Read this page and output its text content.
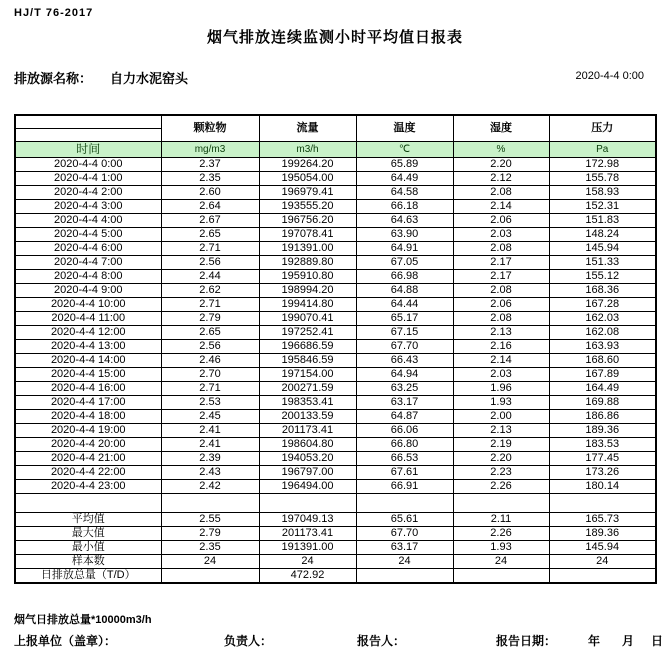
HJ/T 76-2017
烟气排放连续监测小时平均值日报表
排放源名称： 自力水泥窑头	2020-4-4 0:00
	颗粒物	流量	温度	湿度	压力

时间	mg/m3	m3/h	℃	%	Pa
2020-4-4 0:00	2.37	199264.20	65.89	2.20	172.98
2020-4-4 1:00	2.35	195054.00	64.49	2.12	155.78
2020-4-4 2:00	2.60	196979.41	64.58	2.08	158.93
2020-4-4 3:00	2.64	193555.20	66.18	2.14	152.31
2020-4-4 4:00	2.67	196756.20	64.63	2.06	151.83
2020-4-4 5:00	2.65	197078.41	63.90	2.03	148.24
2020-4-4 6:00	2.71	191391.00	64.91	2.08	145.94
2020-4-4 7:00	2.56	192889.80	67.05	2.17	151.33
2020-4-4 8:00	2.44	195910.80	66.98	2.17	155.12
2020-4-4 9:00	2.62	198994.20	64.88	2.08	168.36
2020-4-4 10:00	2.71	199414.80	64.44	2.06	167.28
2020-4-4 11:00	2.79	199070.41	65.17	2.08	162.03
2020-4-4 12:00	2.65	197252.41	67.15	2.13	162.08
2020-4-4 13:00	2.56	196686.59	67.70	2.16	163.93
2020-4-4 14:00	2.46	195846.59	66.43	2.14	168.60
2020-4-4 15:00	2.70	197154.00	64.94	2.03	167.89
2020-4-4 16:00	2.71	200271.59	63.25	1.96	164.49
2020-4-4 17:00	2.53	198353.41	63.17	1.93	169.88
2020-4-4 18:00	2.45	200133.59	64.87	2.00	186.86
2020-4-4 19:00	2.41	201173.41	66.06	2.13	189.36
2020-4-4 20:00	2.41	198604.80	66.80	2.19	183.53
2020-4-4 21:00	2.39	194053.20	66.53	2.20	177.45
2020-4-4 22:00	2.43	196797.00	67.61	2.23	173.26
2020-4-4 23:00	2.42	196494.00	66.91	2.26	180.14

平均值	2.55	197049.13	65.61	2.11	165.73
最大值	2.79	201173.41	67.70	2.26	189.36
最小值	2.35	191391.00	63.17	1.93	145.94
样本数	24	24	24	24	24
日排放总量（T/D）		472.92			
烟气日排放总量*10000m3/h
上报单位（盖章）：	负责人：	报告人：	报告日期：	年 月 日
